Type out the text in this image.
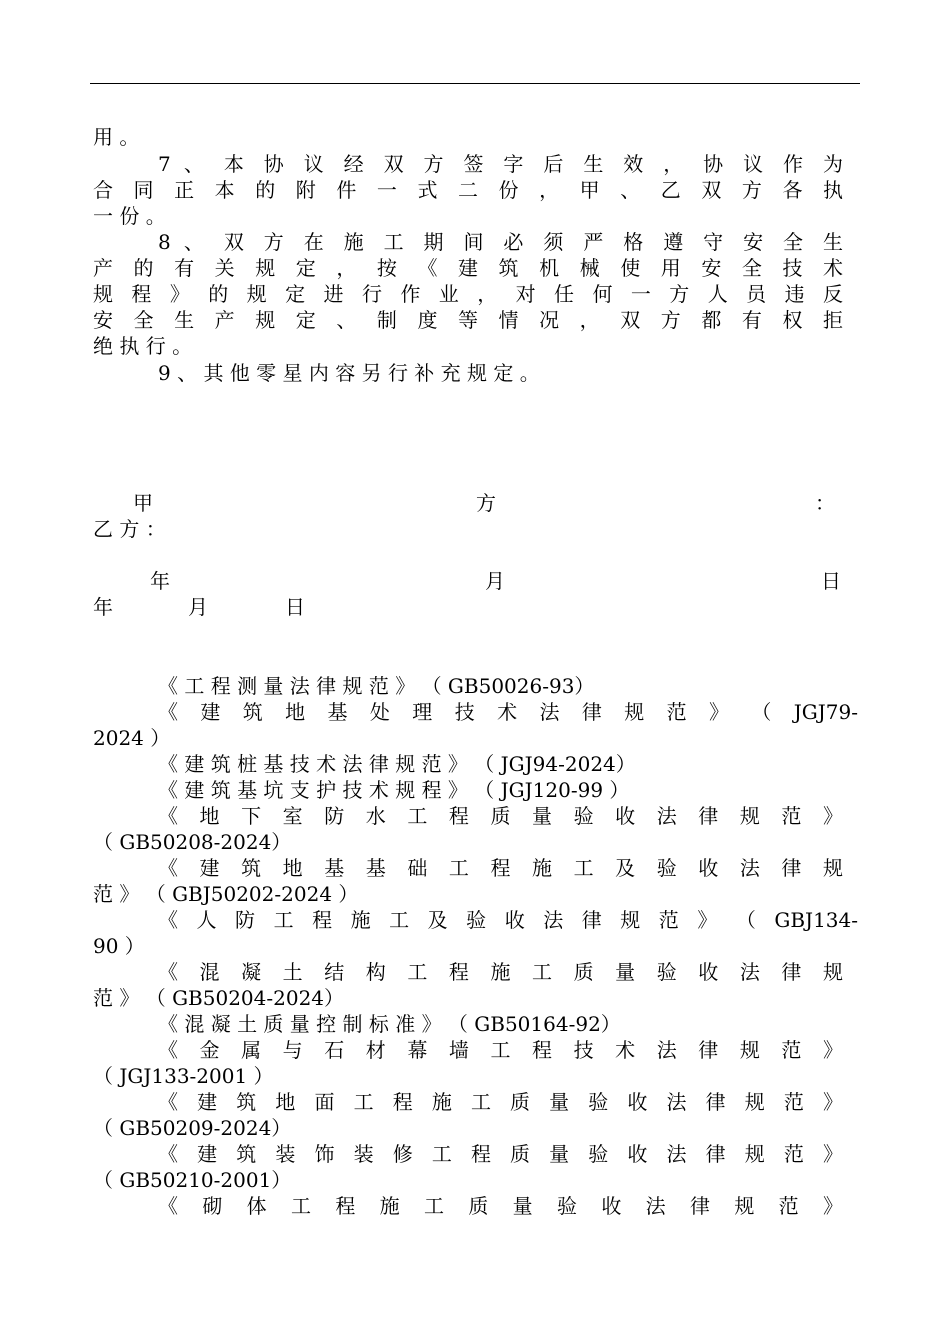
用 。
7 、 本 协 议 经 双 方 签 字 后 生 效 ， 协 议 作 为
合 同 正 本 的 附 件 一 式 二 份 ， 甲 、 乙 双 方 各 执
一 份 。
8 、 双 方 在 施 工 期 间 必 须 严 格 遵 守 安 全 生
产 的 有 关 规 定 ， 按 《 建 筑 机 械 使 用 安 全 技 术
规 程 》 的 规 定 进 行 作 业 ， 对 任 何 一 方 人 员 违 反
安 全 生 产 规 定 、 制 度 等 情 况 ， 双 方 都 有 权 拒
绝 执 行 。
9 、 其 他 零 星 内 容 另 行 补 充 规 定 。
甲	方	：
乙 方 ：
年	月	日
年	月	日
《 工 程 测 量 法 律 规 范 》 （ GB50026-93）
《 建 筑 地 基 处 理 技 术 法 律 规 范 》 （ JGJ79-
2024 ）
《 建 筑 桩 基 技 术 法 律 规 范 》 （ JGJ94-2024）
《 建 筑 基 坑 支 护 技 术 规 程 》 （ JGJ120-99 ）
《 地 下 室 防 水 工 程 质 量 验 收 法 律 规 范 》
（ GB50208-2024）
《 建 筑 地 基 基 础 工 程 施 工 及 验 收 法 律 规
范 》 （ GBJ50202-2024 ）
《 人 防 工 程 施 工 及 验 收 法 律 规 范 》 （ GBJ134-
90 ）
《 混 凝 土 结 构 工 程 施 工 质 量 验 收 法 律 规
范 》 （ GB50204-2024）
《 混 凝 土 质 量 控 制 标 准 》 （ GB50164-92）
《 金 属 与 石 材 幕 墙 工 程 技 术 法 律 规 范 》
（ JGJ133-2001 ）
《 建 筑 地 面 工 程 施 工 质 量 验 收 法 律 规 范 》
（ GB50209-2024）
《 建 筑 装 饰 装 修 工 程 质 量 验 收 法 律 规 范 》
（ GB50210-2001）
《 砌 体 工 程 施 工 质 量 验 收 法 律 规 范 》
